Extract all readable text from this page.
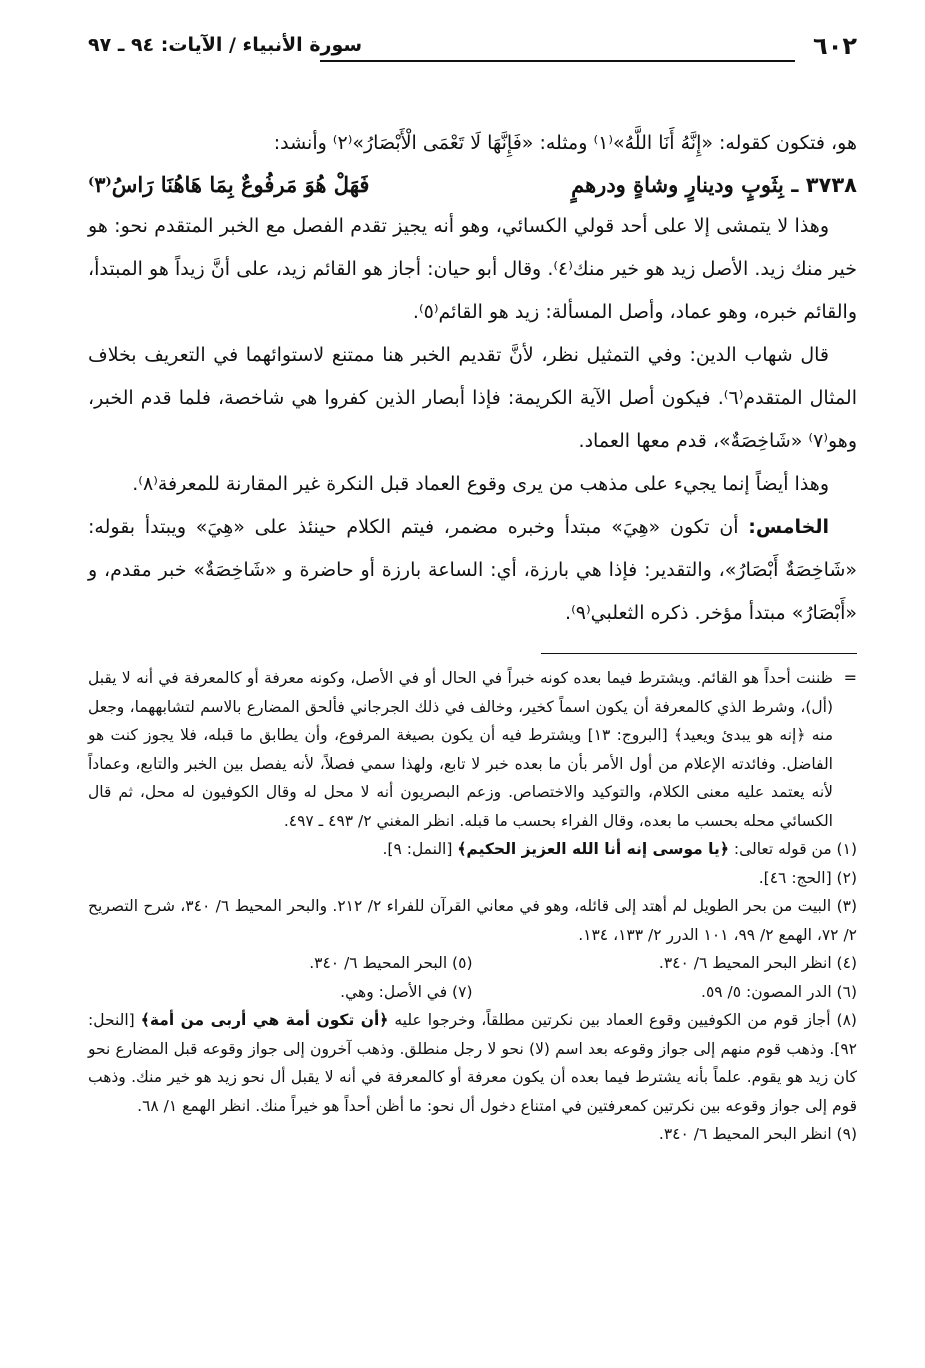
٦٠٢
سورة الأنبياء / الآيات: ٩٤ ـ ٩٧

هو، فتكون كقوله: «إِنَّهُ أَنَا اللَّهُ»⁽١⁾ ومثله: «فَإِنَّهَا لَا تَعْمَى الْأَبْصَارُ»⁽٢⁾ وأنشد:

٣٧٣٨ ـ بِثَوبٍ ودينارٍ وشاةٍ ودرهمٍ
فَهَلْ هُوَ مَرفُوعٌ بِمَا هَاهُنَا رَاسُ⁽٣⁾

وهذا لا يتمشى إلا على أحد قولي الكسائي، وهو أنه يجيز تقدم الفصل مع الخبر المتقدم نحو: هو خير منك زيد. الأصل زيد هو خير منك⁽٤⁾. وقال أبو حيان: أجاز هو القائم زيد، على أنَّ زيداً هو المبتدأ، والقائم خبره، وهو عماد، وأصل المسألة: زيد هو القائم⁽٥⁾.

قال شهاب الدين: وفي التمثيل نظر، لأنَّ تقديم الخبر هنا ممتنع لاستوائهما في التعريف بخلاف المثال المتقدم⁽٦⁾. فيكون أصل الآية الكريمة: فإذا أبصار الذين كفروا هي شاخصة، فلما قدم الخبر، وهو⁽٧⁾ «شَاخِصَةٌ»، قدم معها العماد.

وهذا أيضاً إنما يجيء على مذهب من يرى وقوع العماد قبل النكرة غير المقارنة للمعرفة⁽٨⁾.

الخامس: أن تكون «هِيَ» مبتدأ وخبره مضمر، فيتم الكلام حينئذ على «هِيَ» ويبتدأ بقوله: «شَاخِصَةٌ أَبْصَارُ»، والتقدير: فإذا هي بارزة، أي: الساعة بارزة أو حاضرة و «شَاخِصَةٌ» خبر مقدم، و «أَبْصَارُ» مبتدأ مؤخر. ذكره الثعلبي⁽٩⁾.

=

ظننت أحداً هو القائم. ويشترط فيما بعده كونه خبراً في الحال أو في الأصل، وكونه معرفة أو كالمعرفة في أنه لا يقبل (أل)، وشرط الذي كالمعرفة أن يكون اسماً كخير، وخالف في ذلك الجرجاني فألحق المضارع بالاسم لتشابههما، وجعل منه ﴿إنه هو يبدئ ويعيد﴾ [البروج: ١٣] ويشترط فيه أن يكون بصيغة المرفوع، وأن يطابق ما قبله، فلا يجوز كنت هو الفاضل. وفائدته الإعلام من أول الأمر بأن ما بعده خبر لا تابع، ولهذا سمي فصلاً، لأنه يفصل بين الخبر والتابع، وعماداً لأنه يعتمد عليه معنى الكلام، والتوكيد والاختصاص. وزعم البصريون أنه لا محل له وقال الكوفيون له محل، ثم قال الكسائي محله بحسب ما بعده، وقال الفراء بحسب ما قبله. انظر المغني ٢/ ٤٩٣ ـ ٤٩٧.

(١) من قوله تعالى: ﴿يا موسى إنه أنا الله العزيز الحكيم﴾ [النمل: ٩].

(٢) [الحج: ٤٦].

(٣) البيت من بحر الطويل لم أهتد إلى قائله، وهو في معاني القرآن للفراء ٢/ ٢١٢. والبحر المحيط ٦/ ٣٤٠، شرح التصريح ٢/ ٧٢، الهمع ٢/ ٩٩، ١٠١ الدرر ٢/ ١٣٣، ١٣٤.

(٤) انظر البحر المحيط ٦/ ٣٤٠.
(٥) البحر المحيط ٦/ ٣٤٠.
(٦) الدر المصون: ٥/ ٥٩.
(٧) في الأصل: وهي.

(٨) أجاز قوم من الكوفيين وقوع العماد بين نكرتين مطلقاً، وخرجوا عليه ﴿أن تكون أمة هي أربى من أمة﴾ [النحل: ٩٢]. وذهب قوم منهم إلى جواز وقوعه بعد اسم (لا) نحو لا رجل منطلق. وذهب آخرون إلى جواز وقوعه قبل المضارع نحو كان زيد هو يقوم. علماً بأنه يشترط فيما بعده أن يكون معرفة أو كالمعرفة في أنه لا يقبل أل نحو زيد هو خير منك. وذهب قوم إلى جواز وقوعه بين نكرتين كمعرفتين في امتناع دخول أل نحو: ما أظن أحداً هو خيراً منك. انظر الهمع ١/ ٦٨.

(٩) انظر البحر المحيط ٦/ ٣٤٠.
